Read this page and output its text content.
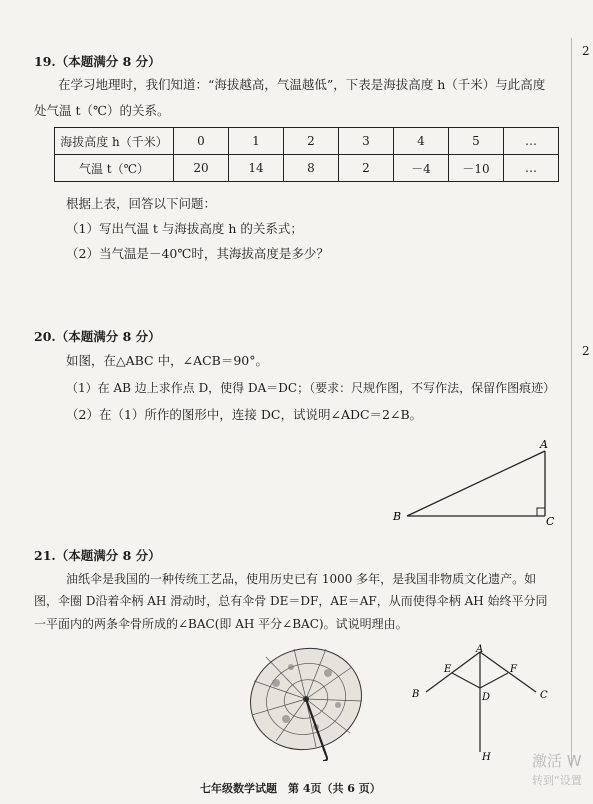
2
2
19.（本题满分 8 分）
在学习地理时，我们知道：“海拔越高，气温越低”，下表是海拔高度 h（千米）与此高度
处气温 t（℃）的关系。
海拔高度 h（千米）	0	1	2	3	4	5	…
气温 t（℃）	20	14	8	2	－4	－10	…
根据上表，回答以下问题：
（1）写出气温 t 与海拔高度 h 的关系式；
（2）当气温是－40℃时，其海拔高度是多少？
20.（本题满分 8 分）
如图，在△ABC 中，∠ACB＝90°。
（1）在 AB 边上求作点 D，使得 DA＝DC；（要求：尺规作图，不写作法，保留作图痕迹）
（2）在（1）所作的图形中，连接 DC，试说明∠ADC＝2∠B。
A
B	C
21.（本题满分 8 分）
油纸伞是我国的一种传统工艺品，使用历史已有 1000 多年，是我国非物质文化遗产。如
图，伞圈 D沿着伞柄 AH 滑动时，总有伞骨 DE＝DF，AE＝AF，从而使得伞柄 AH 始终平分同
一平面内的两条伞骨所成的∠BAC(即 AH 平分∠BAC)。试说明理由。
A
B	C
D
E	F
H
七年级数学试题　第 4页（共 6 页）
激活 W
转到“设置
